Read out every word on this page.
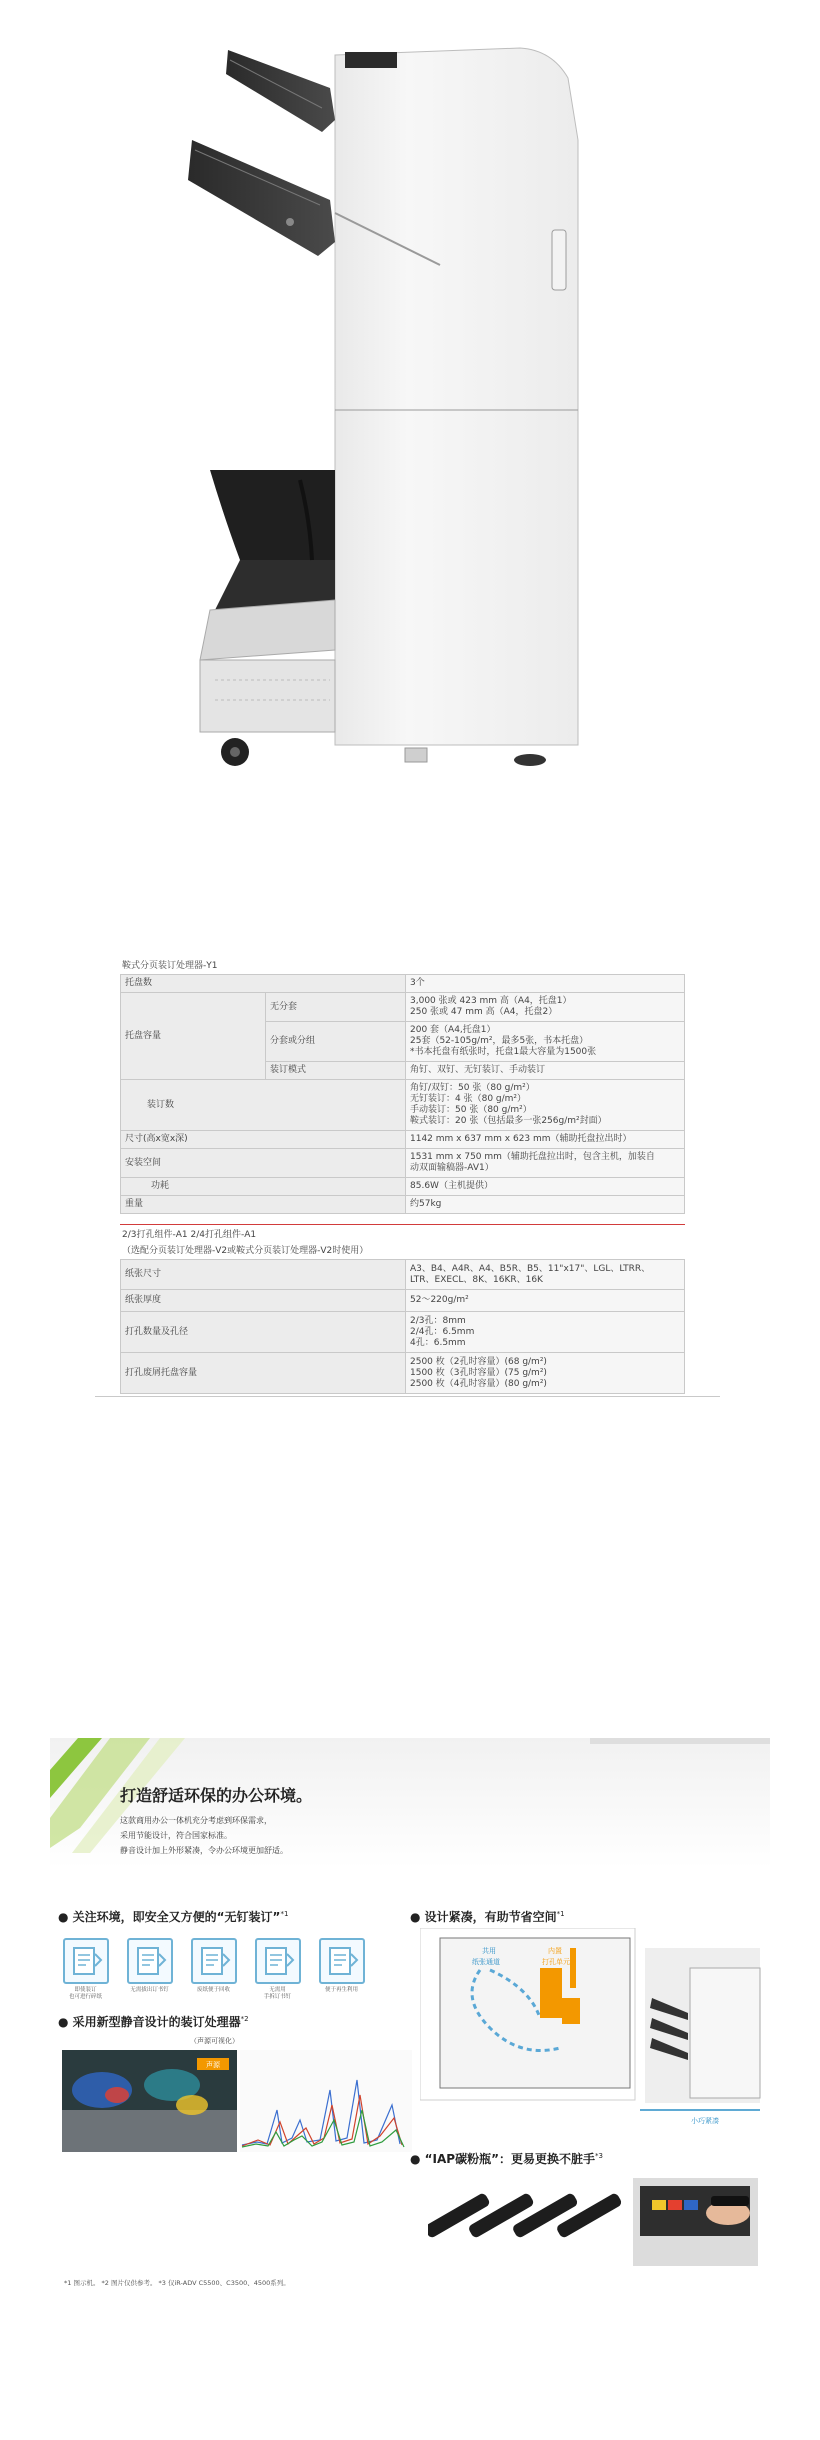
鞍式分页装订处理器-Y1
托盘数		3个

托盘容量	无分套	3,000 张或 423 mm 高（A4，托盘1）
250 张或 47 mm 高（A4，托盘2）

	分套或分组	200 套（A4,托盘1）
25套（52-105g/m²，最多5张，书本托盘）
*书本托盘有纸张时，托盘1最大容量为1500张

	装订模式	角钉、双钉、无钉装订、手动装订

装订数		角钉/双钉：50 张（80 g/m²）
无钉装订：4 张（80 g/m²）
手动装订：50 张（80 g/m²）
鞍式装订：20 张（包括最多一张256g/m²封面）

尺寸(高x宽x深)		1142 mm x 637 mm x 623 mm（辅助托盘拉出时）

安装空间		1531 mm x 750 mm（辅助托盘拉出时，包含主机，加装自
动双面输稿器-AV1）

功耗		85.6W（主机提供）

重量		约57kg
2/3打孔组件-A1 2/4打孔组件-A1
（选配分页装订处理器-V2或鞍式分页装订处理器-V2时使用）
纸张尺寸	A3、B4、A4R、A4、B5R、B5、11"x17"、LGL、LTRR、
LTR、EXECL、8K、16KR、16K

纸张厚度	52～220g/m²

打孔数量及孔径	2/3孔：8mm
2/4孔：6.5mm
4孔：6.5mm

打孔废屑托盘容量	2500 枚（2孔时容量）(68 g/m²)
1500 枚（3孔时容量）(75 g/m²)
2500 枚（4孔时容量）(80 g/m²)
打造舒适环保的办公环境。
这款商用办公一体机充分考虑到环保需求，
采用节能设计，符合国家标准。
静音设计加上外形紧凑，令办公环境更加舒适。
● 关注环境，即安全又方便的“无钉装订”$^{*1}$
即使装订
也可进行碎纸
无需拔出订书钉	废纸便于回收	无需用
手拆订书钉
便于再生利用
● 采用新型静音设计的装订处理器$^{*2}$
（声源可视化）
声源
● 设计紧凑，有助节省空间$^{*1}$
共用
纸张通道
内置
打孔单元
小巧紧凑
● “IAP碳粉瓶”：更易更换不脏手$^{*3}$
*1 图示机。 *2 图片仅供参考。 *3 仅iR-ADV C5500、C3500、4500系列。
